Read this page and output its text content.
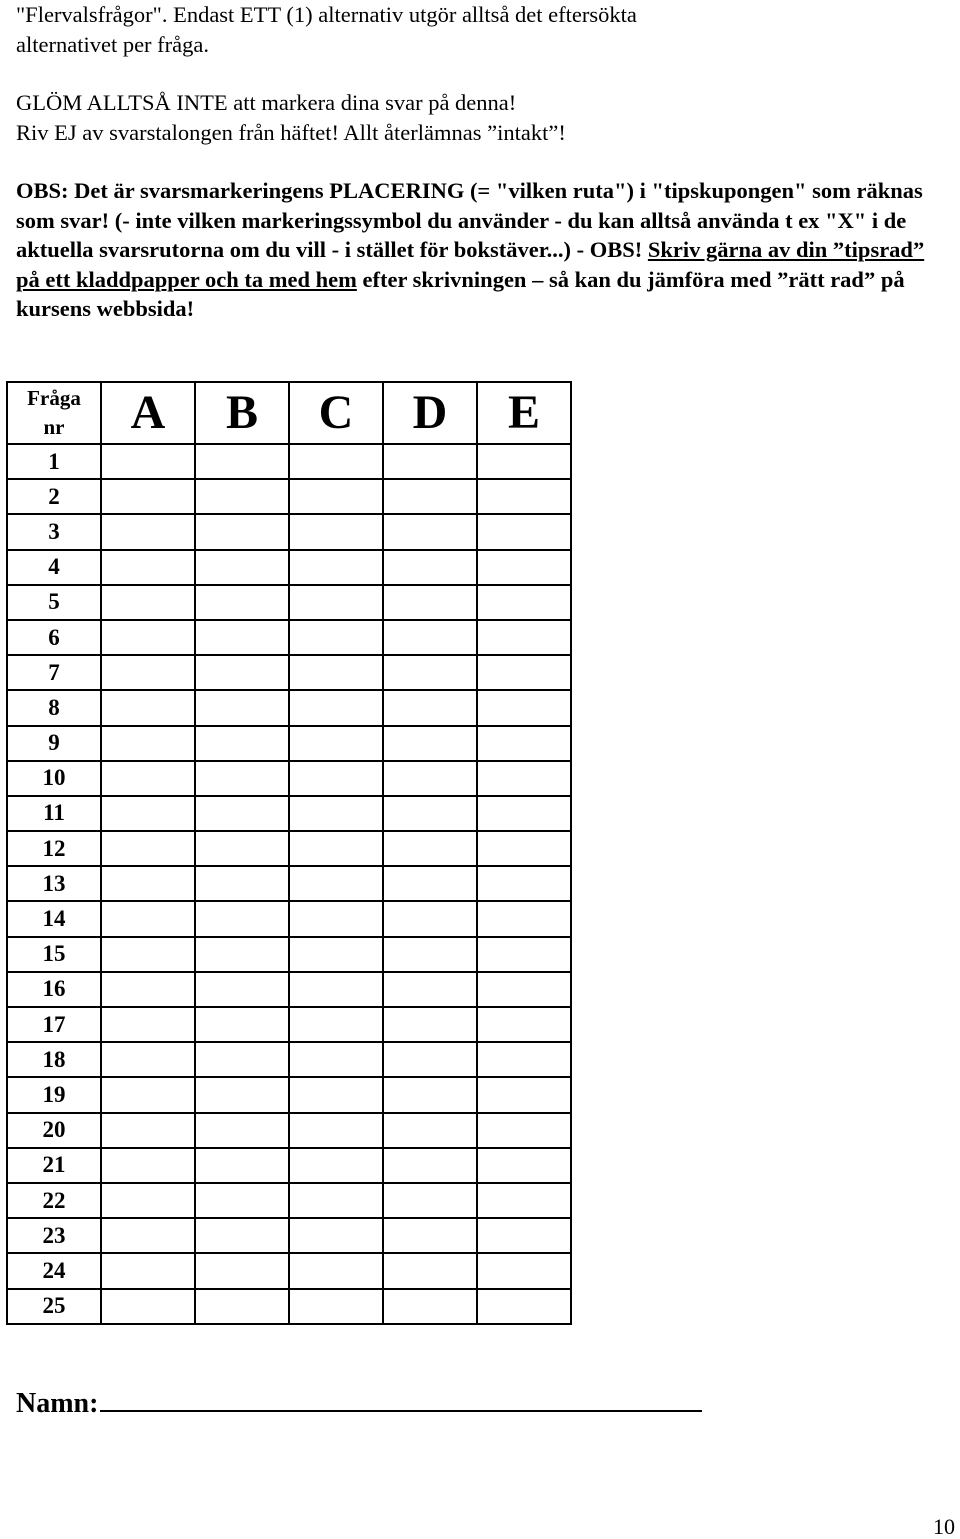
"Flervalsfrågor". Endast ETT (1) alternativ utgör alltså det eftersökta

alternativet per fråga.

GLÖM ALLTSÅ INTE att markera dina svar på denna!

Riv EJ av svarstalongen från häftet! Allt återlämnas ”intakt”!

OBS: Det är svarsmarkeringens PLACERING (= "vilken ruta") i "tipskupongen" som räknas som svar! (- inte vilken markeringssymbol du använder - du kan alltså använda t ex "X" i de aktuella svarsrutorna om du vill - i stället för bokstäver...) - OBS! Skriv gärna av din ”tipsrad” på ett kladdpapper och ta med hem efter skrivningen – så kan du jämföra med ”rätt rad” på kursens webbsida!

Fråga
nr	A	B	C	D	E
1					
2					
3					
4					
5					
6					
7					
8					
9					
10					
11					
12					
13					
14					
15					
16					
17					
18					
19					
20					
21					
22					
23					
24					
25					
Namn:
10
